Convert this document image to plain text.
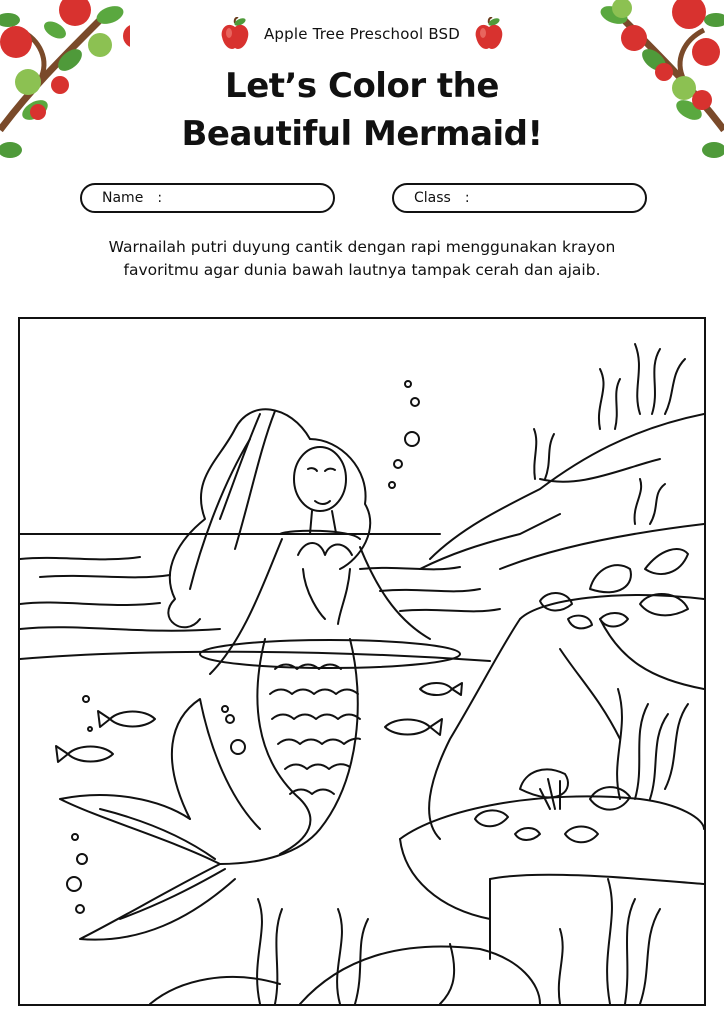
Apple Tree Preschool BSD
Let’s Color the
Beautiful Mermaid!
Name :	Class :
Warnailah putri duyung cantik dengan rapi menggunakan krayon
favoritmu agar dunia bawah lautnya tampak cerah dan ajaib.
